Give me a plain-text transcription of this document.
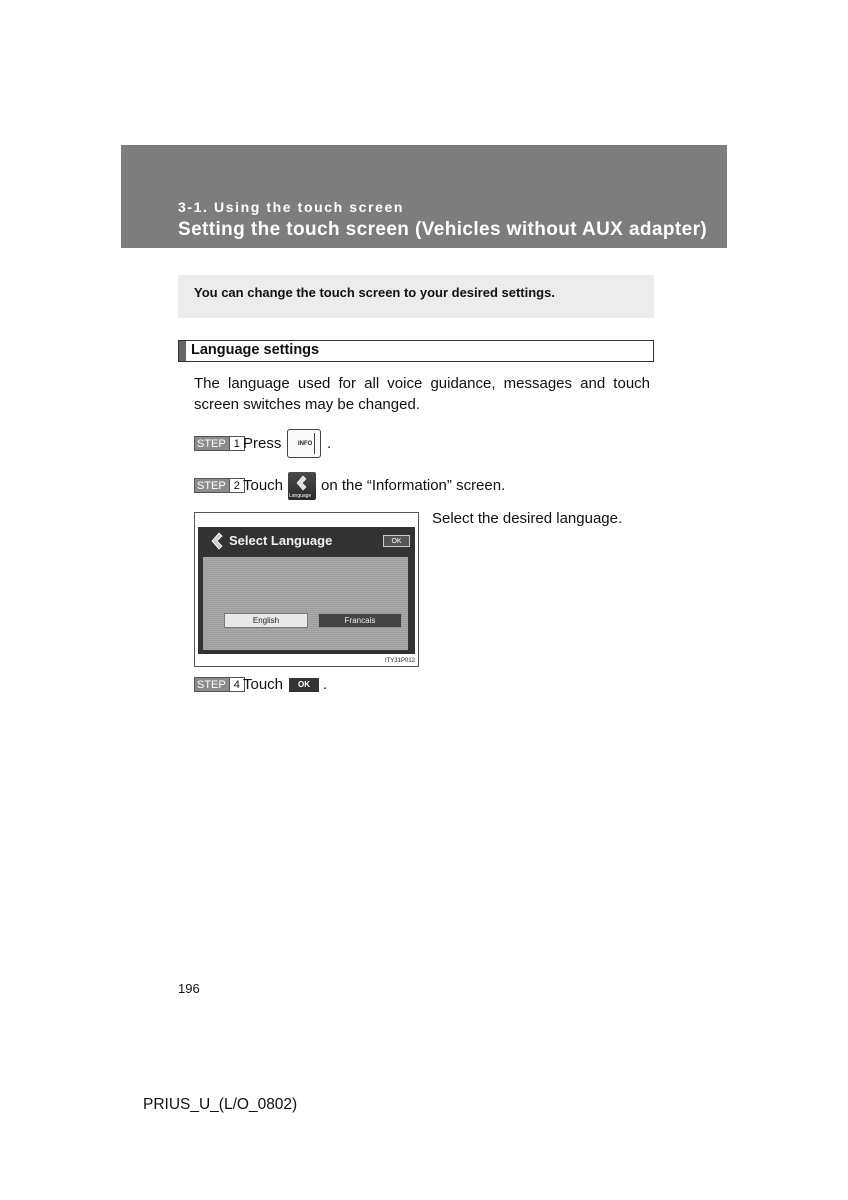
3-1. Using the touch screen
Setting the touch screen (Vehicles without AUX adapter)
You can change the touch screen to your desired settings.
Language settings
The language used for all voice guidance, messages and touch screen switches may be changed.
STEP 1 Press	INFO .
STEP 2 Touch
Language
on the “Information” screen.
Select the desired language.
Select Language	OK
English	Francais
ITY31P012
STEP 4 Touch	OK .
196
PRIUS_U_(L/O_0802)
